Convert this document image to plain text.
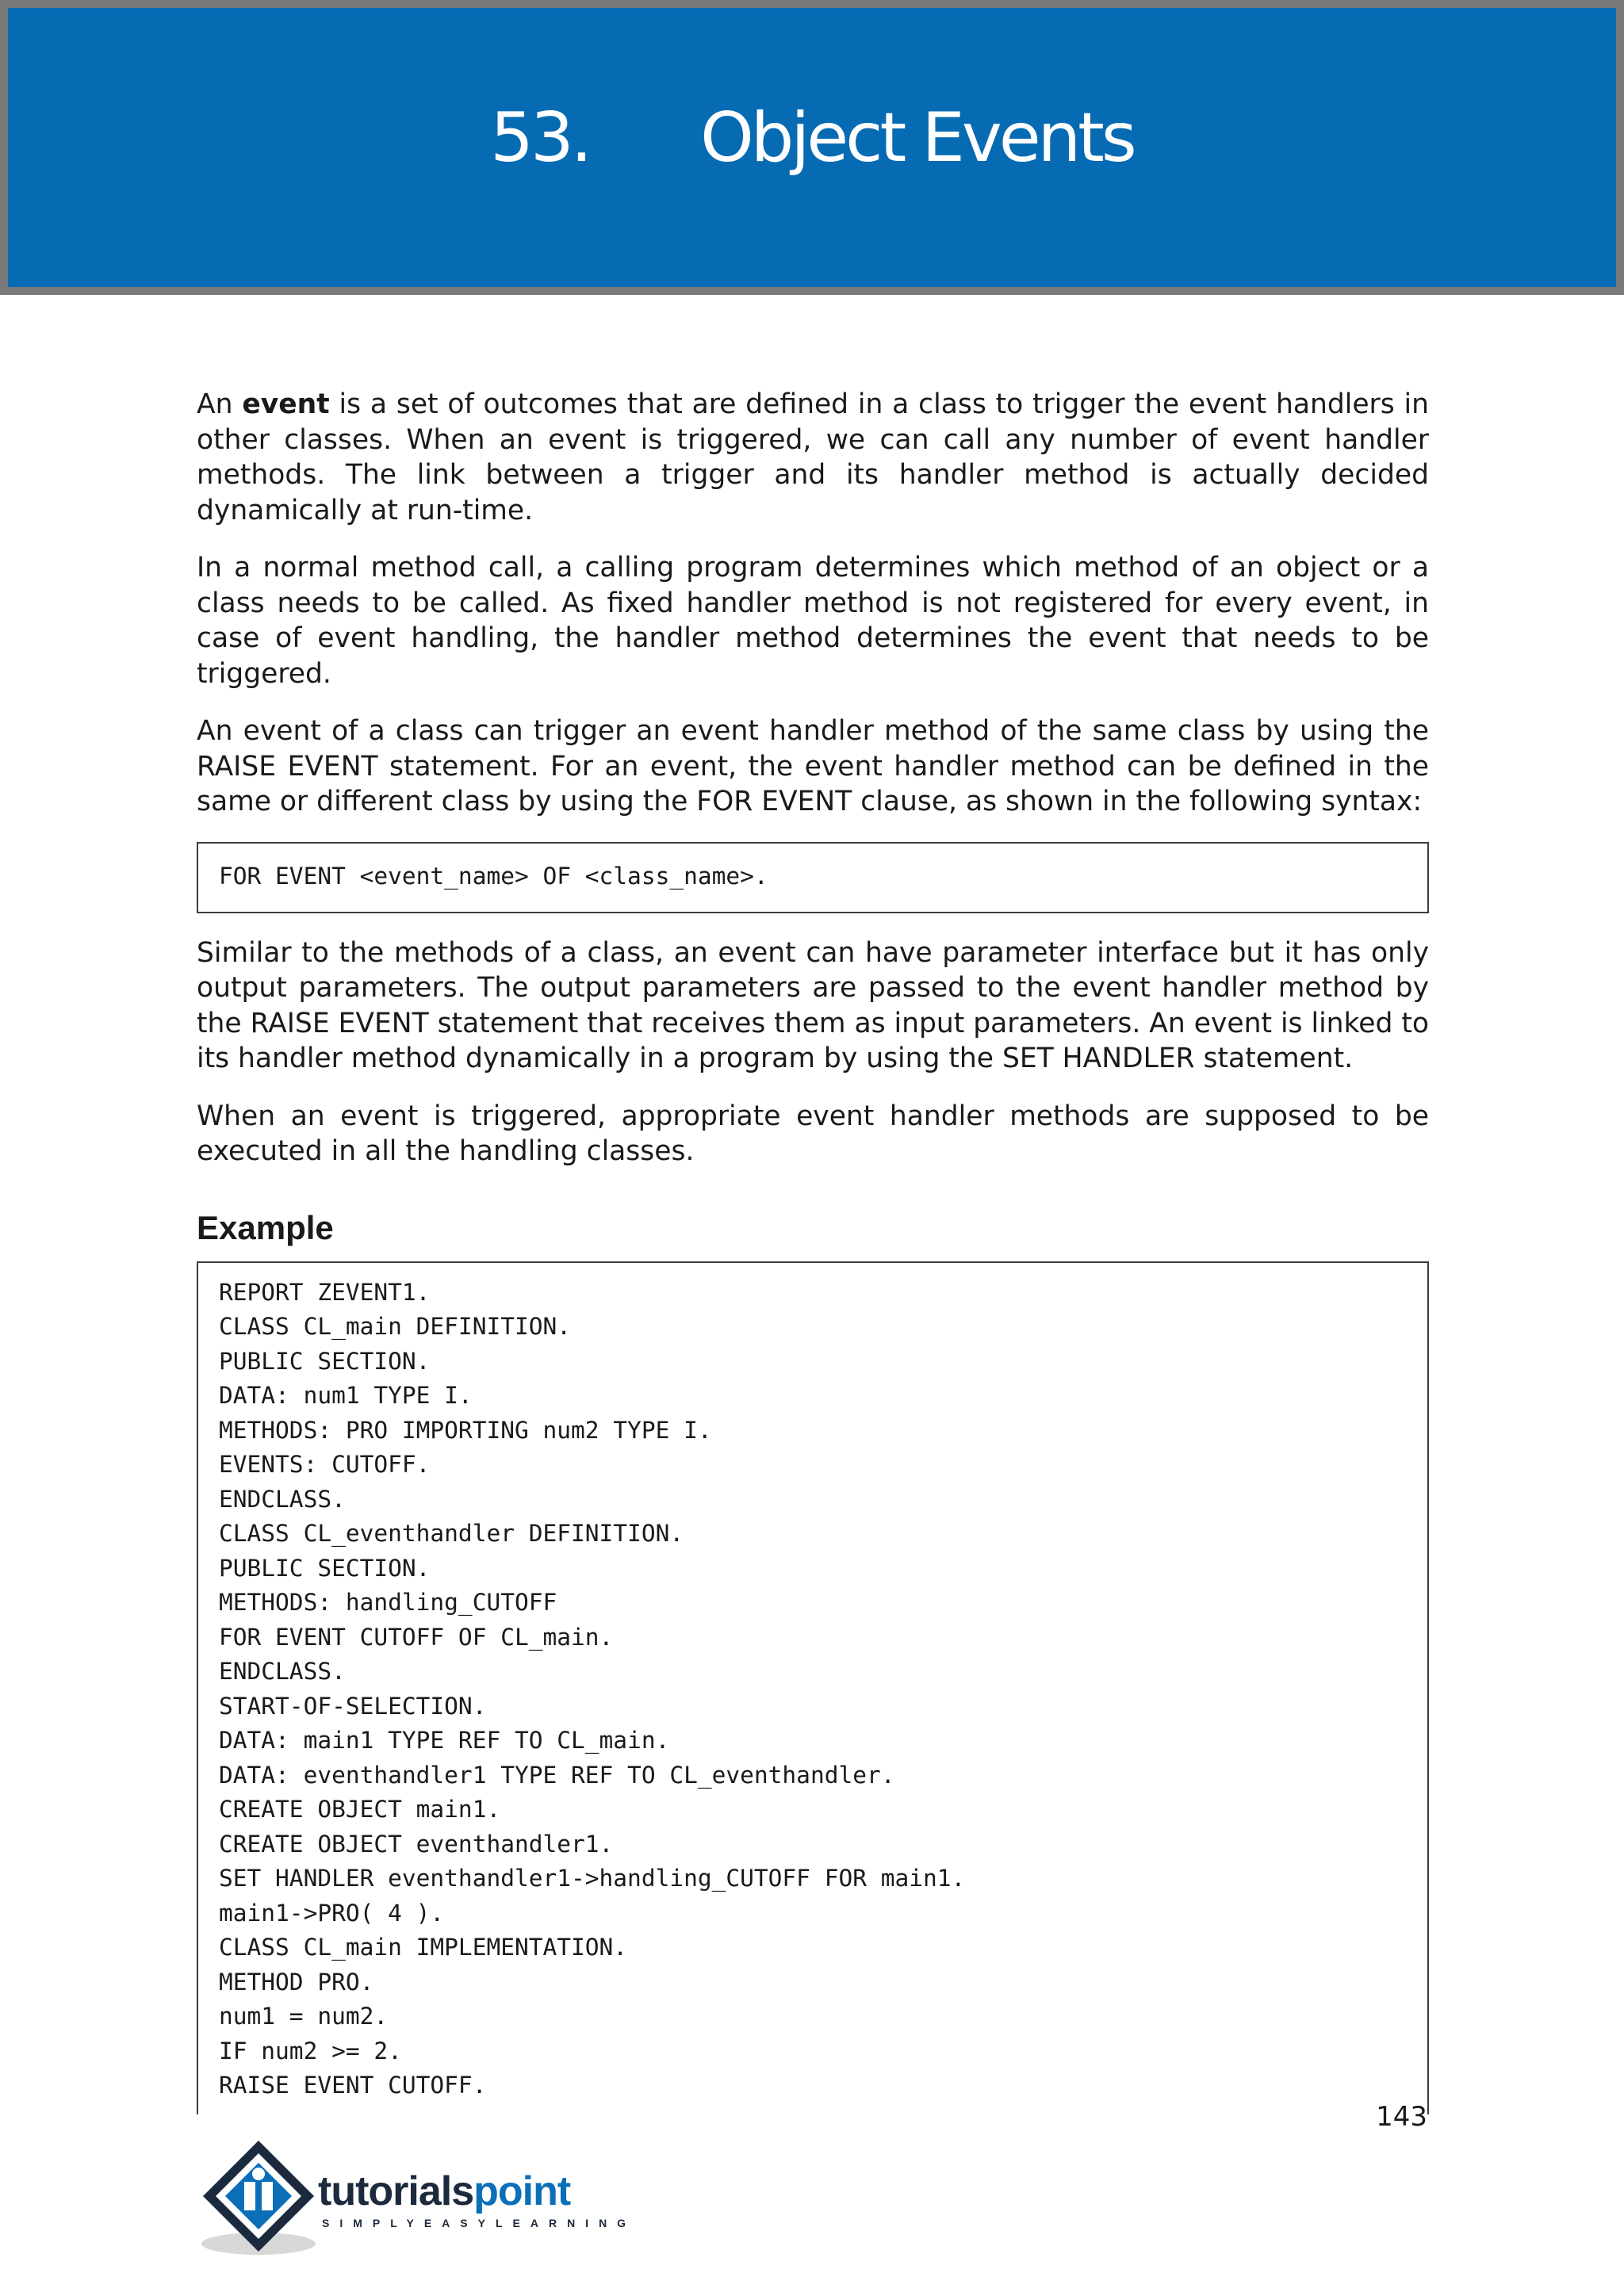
53. Object Events

An event is a set of outcomes that are defined in a class to trigger the event handlers in other classes. When an event is triggered, we can call any number of event handler methods. The link between a trigger and its handler method is actually decided dynamically at run-time.

In a normal method call, a calling program determines which method of an object or a class needs to be called. As fixed handler method is not registered for every event, in case of event handling, the handler method determines the event that needs to be triggered.

An event of a class can trigger an event handler method of the same class by using the RAISE EVENT statement. For an event, the event handler method can be defined in the same or different class by using the FOR EVENT clause, as shown in the following syntax:

FOR EVENT <event_name> OF <class_name>.

Similar to the methods of a class, an event can have parameter interface but it has only output parameters. The output parameters are passed to the event handler method by the RAISE EVENT statement that receives them as input parameters. An event is linked to its handler method dynamically in a program by using the SET HANDLER statement.

When an event is triggered, appropriate event handler methods are supposed to be executed in all the handling classes.

Example
REPORT ZEVENT1.
CLASS CL_main DEFINITION.
PUBLIC SECTION.
DATA: num1 TYPE I.
METHODS: PRO IMPORTING num2 TYPE I.
EVENTS: CUTOFF.
ENDCLASS.
CLASS CL_eventhandler DEFINITION.
PUBLIC SECTION.
METHODS: handling_CUTOFF
FOR EVENT CUTOFF OF CL_main.
ENDCLASS.
START-OF-SELECTION.
DATA: main1 TYPE REF TO CL_main.
DATA: eventhandler1 TYPE REF TO CL_eventhandler.
CREATE OBJECT main1.
CREATE OBJECT eventhandler1.
SET HANDLER eventhandler1->handling_CUTOFF FOR main1.
main1->PRO( 4 ).
CLASS CL_main IMPLEMENTATION.
METHOD PRO.
num1 = num2.
IF num2 >= 2.
RAISE EVENT CUTOFF.
143
tutorialspoint
SIMPLYEASYLEARNING
